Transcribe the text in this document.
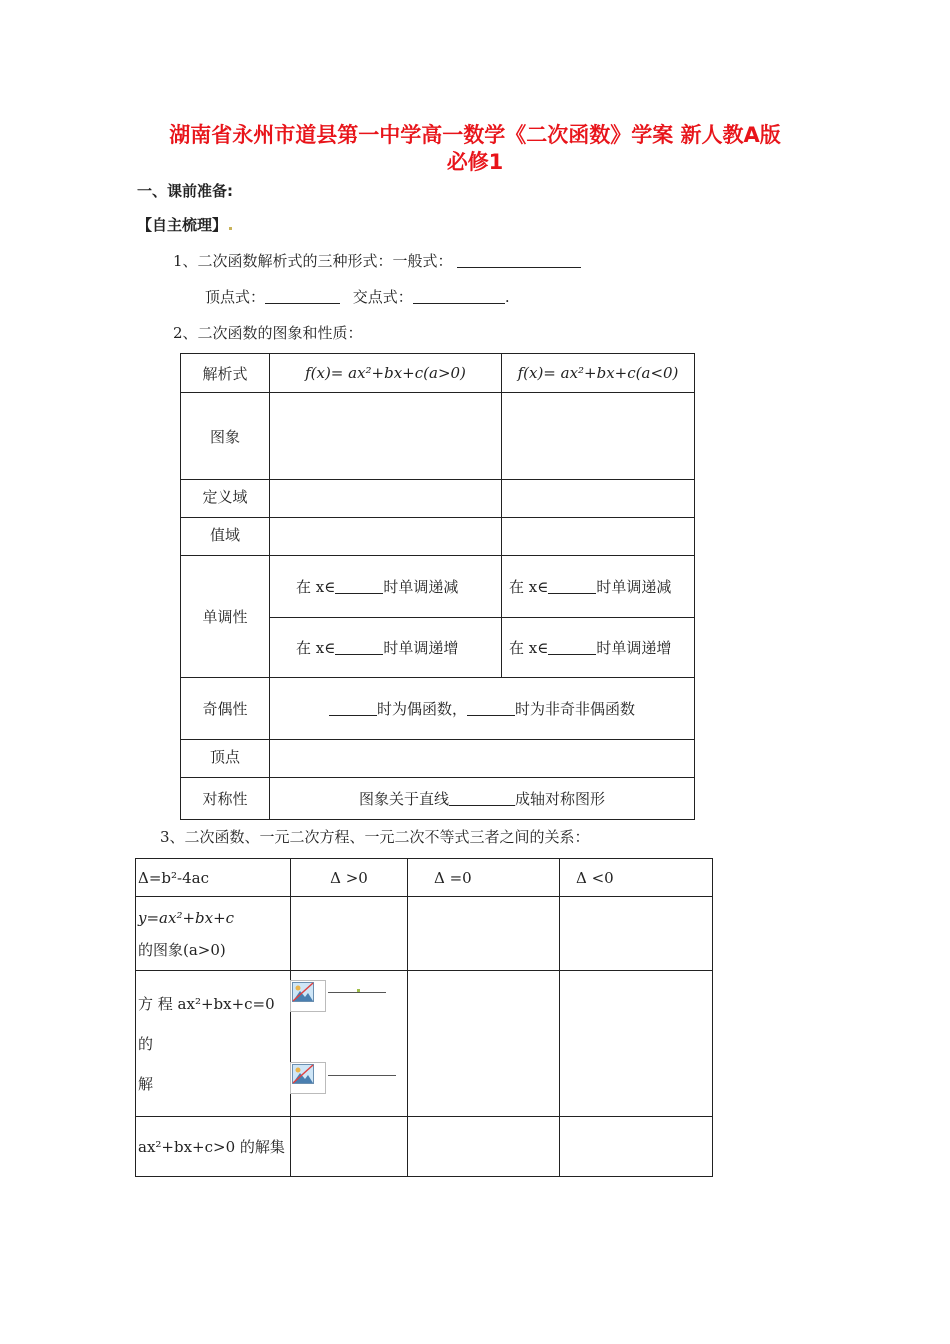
湖南省永州市道县第一中学高一数学《二次函数》学案 新人教A版
必修1
一、课前准备:
【自主梳理】
1、二次函数解析式的三种形式：一般式：
顶点式：	交点式：	.
2、二次函数的图象和性质：
解析式	f(x)= ax²+bx+c(a>0)	f(x)= ax²+bx+c(a<0)
图象		
定义域		
值域		
单调性	在 x∈ 时单调递减	在 x∈ 时单调递减
	在 x∈ 时单调递增	在 x∈ 时单调递增
奇偶性	时为偶函数， 时为非奇非偶函数	
顶点		
对称性	图象关于直线 成轴对称图形	
3、二次函数、一元二次方程、一元二次不等式三者之间的关系：
Δ=b²-4ac	Δ >0	Δ =0	Δ <0

y=ax²+bx+c
的图象(a>0)			

方 程 ax²+bx+c=0 的
解			

ax²+bx+c>0 的解集			
